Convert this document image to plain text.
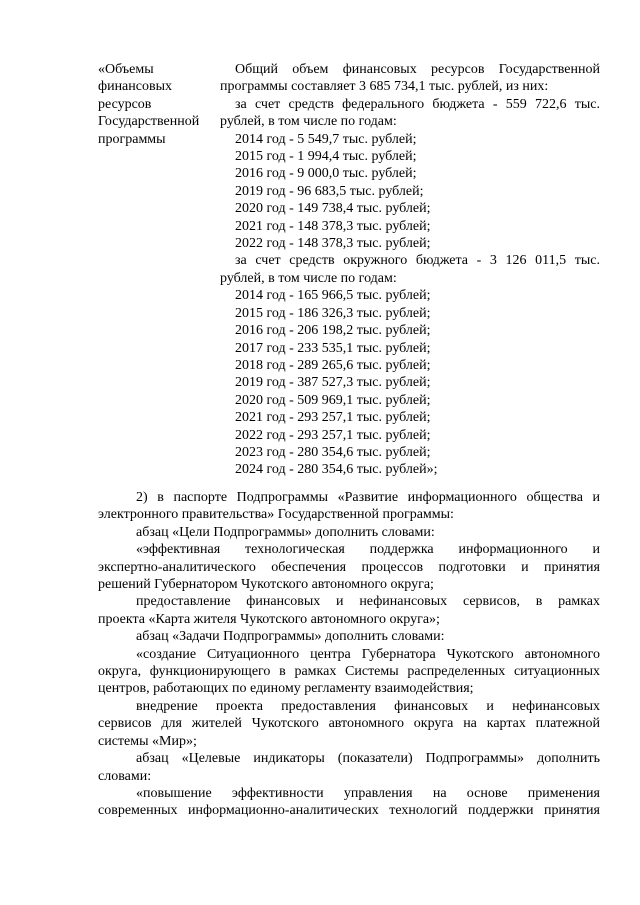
«Объемы
финансовых
ресурсов
Государственной
программы
Общий объем финансовых ресурсов Государственной
программы составляет 3 685 734,1 тыс. рублей, из них:
за счет средств федерального бюджета - 559 722,6 тыс.
рублей, в том числе по годам:
2014 год - 5 549,7 тыс. рублей;
2015 год - 1 994,4 тыс. рублей;
2016 год - 9 000,0 тыс. рублей;
2019 год - 96 683,5 тыс. рублей;
2020 год - 149 738,4 тыс. рублей;
2021 год - 148 378,3 тыс. рублей;
2022 год - 148 378,3 тыс. рублей;
за счет средств окружного бюджета - 3 126 011,5 тыс.
рублей, в том числе по годам:
2014 год - 165 966,5 тыс. рублей;
2015 год - 186 326,3 тыс. рублей;
2016 год - 206 198,2 тыс. рублей;
2017 год - 233 535,1 тыс. рублей;
2018 год - 289 265,6 тыс. рублей;
2019 год - 387 527,3 тыс. рублей;
2020 год - 509 969,1 тыс. рублей;
2021 год - 293 257,1 тыс. рублей;
2022 год - 293 257,1 тыс. рублей;
2023 год - 280 354,6 тыс. рублей;
2024 год - 280 354,6 тыс. рублей»;
2) в паспорте Подпрограммы «Развитие информационного общества и
электронного правительства» Государственной программы:
абзац «Цели Подпрограммы» дополнить словами:
«эффективная технологическая поддержка информационного и
экспертно-аналитического обеспечения процессов подготовки и принятия
решений Губернатором Чукотского автономного округа;
предоставление финансовых и нефинансовых сервисов, в рамках
проекта «Карта жителя Чукотского автономного округа»;
абзац «Задачи Подпрограммы» дополнить словами:
«создание Ситуационного центра Губернатора Чукотского автономного
округа, функционирующего в рамках Системы распределенных ситуационных
центров, работающих по единому регламенту взаимодействия;
внедрение проекта предоставления финансовых и нефинансовых
сервисов для жителей Чукотского автономного округа на картах платежной
системы «Мир»;
абзац «Целевые индикаторы (показатели) Подпрограммы» дополнить
словами:
«повышение эффективности управления на основе применения
современных информационно-аналитических технологий поддержки принятия
